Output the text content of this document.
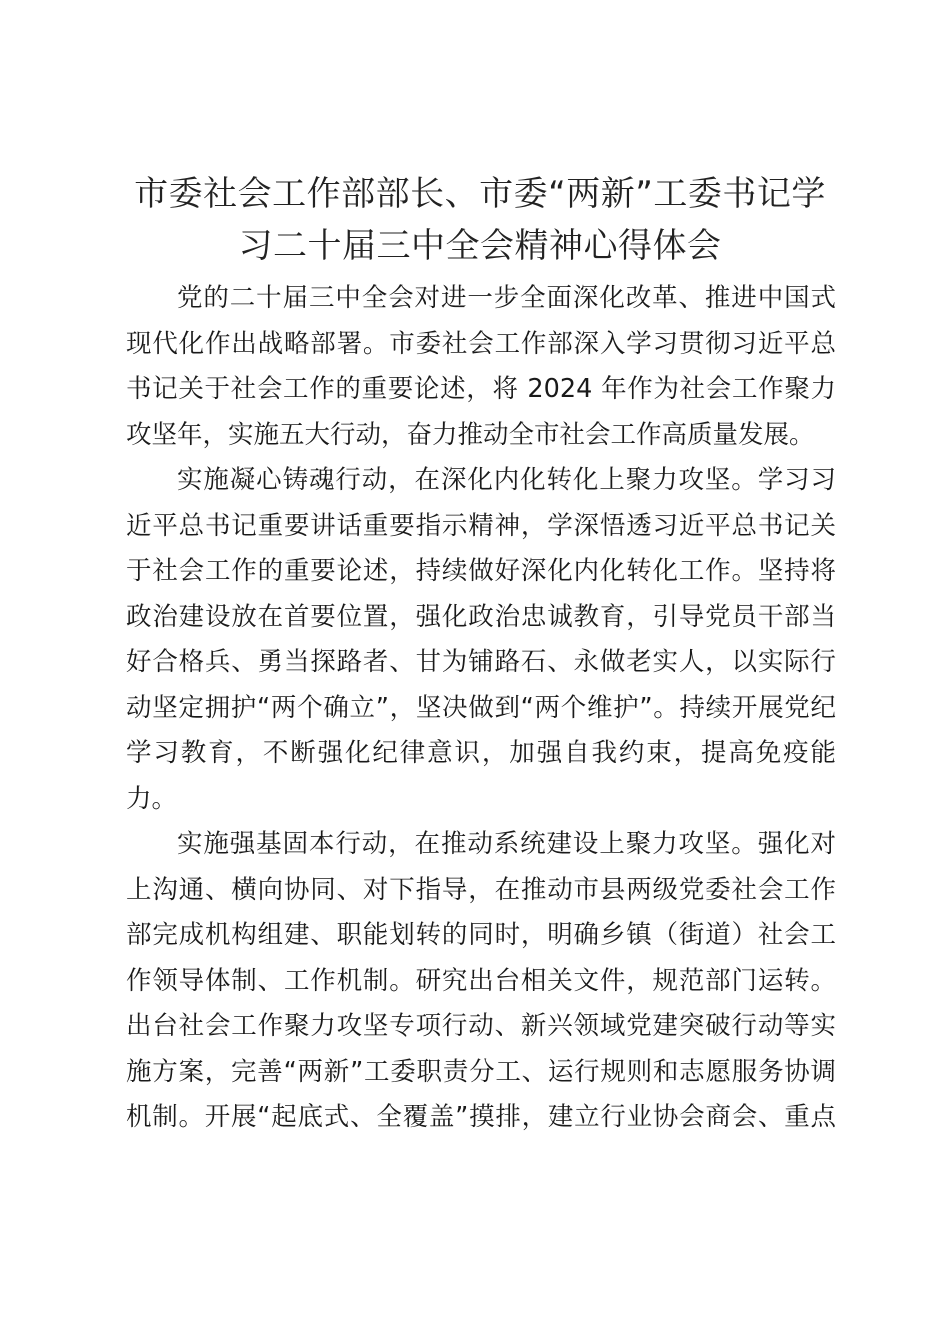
市委社会工作部部长、市委“两新”工委书记学
习二十届三中全会精神心得体会

党的二十届三中全会对进一步全面深化改革、推进中国式
现代化作出战略部署。市委社会工作部深入学习贯彻习近平总
书记关于社会工作的重要论述，将 2024 年作为社会工作聚力
攻坚年，实施五大行动，奋力推动全市社会工作高质量发展。

实施凝心铸魂行动，在深化内化转化上聚力攻坚。学习习
近平总书记重要讲话重要指示精神，学深悟透习近平总书记关
于社会工作的重要论述，持续做好深化内化转化工作。坚持将
政治建设放在首要位置，强化政治忠诚教育，引导党员干部当
好合格兵、勇当探路者、甘为铺路石、永做老实人，以实际行
动坚定拥护“两个确立”，坚决做到“两个维护”。持续开展党纪
学习教育，不断强化纪律意识，加强自我约束，提高免疫能
力。

实施强基固本行动，在推动系统建设上聚力攻坚。强化对
上沟通、横向协同、对下指导，在推动市县两级党委社会工作
部完成机构组建、职能划转的同时，明确乡镇（街道）社会工
作领导体制、工作机制。研究出台相关文件，规范部门运转。
出台社会工作聚力攻坚专项行动、新兴领域党建突破行动等实
施方案，完善“两新”工委职责分工、运行规则和志愿服务协调
机制。开展“起底式、全覆盖”摸排，建立行业协会商会、重点
